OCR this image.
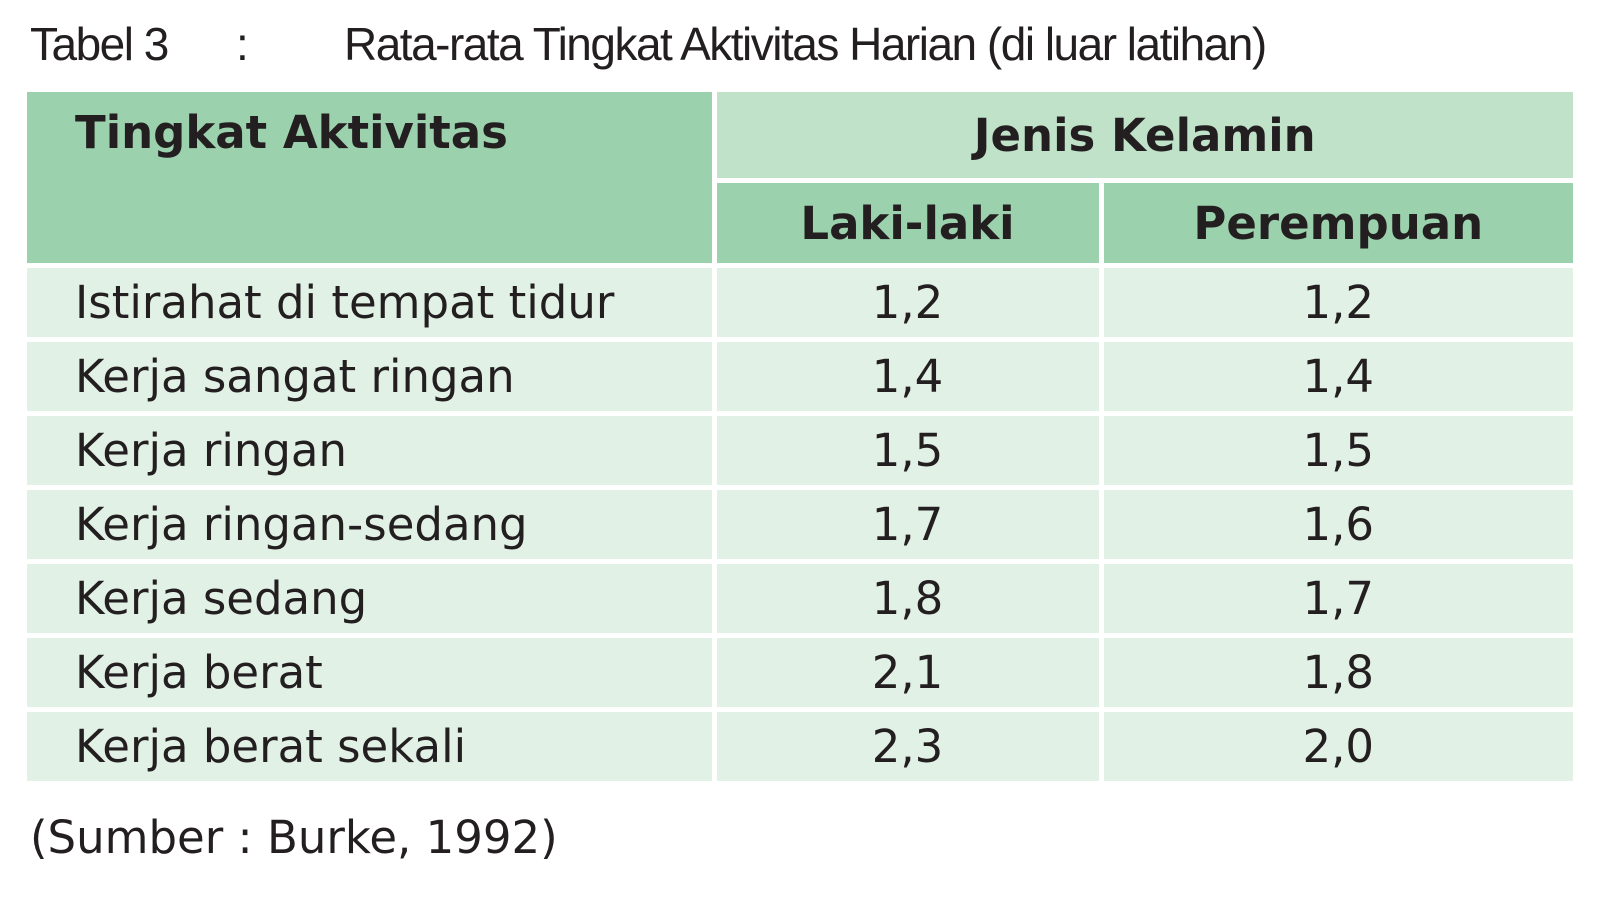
Tabel 3 : Rata-rata Tingkat Aktivitas Harian (di luar latihan)
Tingkat Aktivitas	Jenis Kelamin	
	Laki-laki	Perempuan
Istirahat di tempat tidur	1,2	1,2
Kerja sangat ringan	1,4	1,4
Kerja ringan	1,5	1,5
Kerja ringan-sedang	1,7	1,6
Kerja sedang	1,8	1,7
Kerja berat	2,1	1,8
Kerja berat sekali	2,3	2,0
(Sumber : Burke, 1992)
